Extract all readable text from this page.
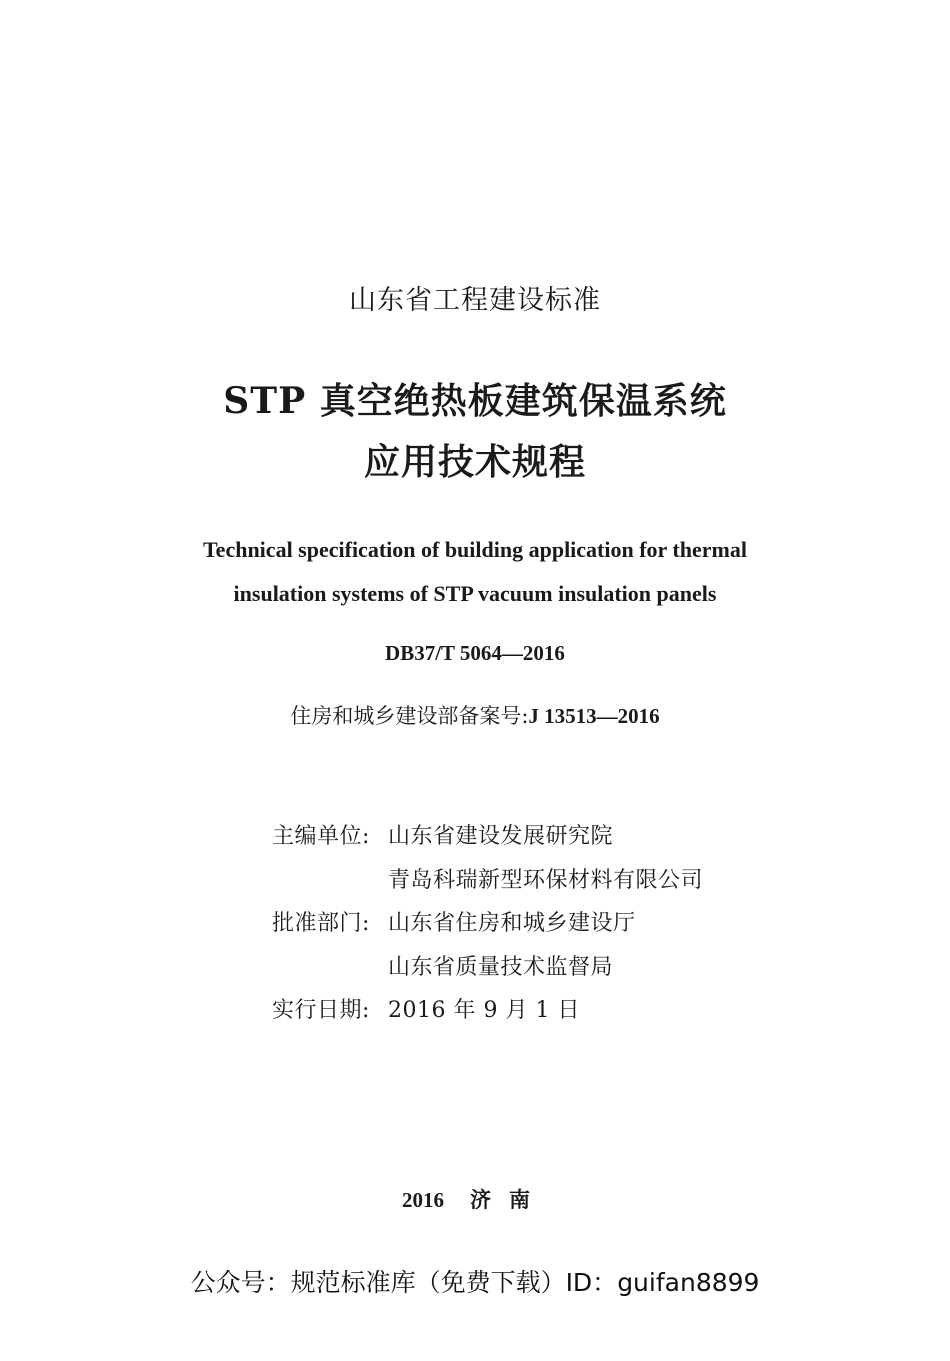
山东省工程建设标准
STP 真空绝热板建筑保温系统
应用技术规程
Technical specification of building application for thermal
insulation systems of STP vacuum insulation panels
DB37/T 5064—2016
住房和城乡建设部备案号:J 13513—2016
主编单位: 山东省建设发展研究院
青岛科瑞新型环保材料有限公司
批准部门: 山东省住房和城乡建设厅
山东省质量技术监督局
实行日期: 2016 年 9 月 1 日
2016 济南
公众号：规范标准库（免费下载）ID：guifan8899
